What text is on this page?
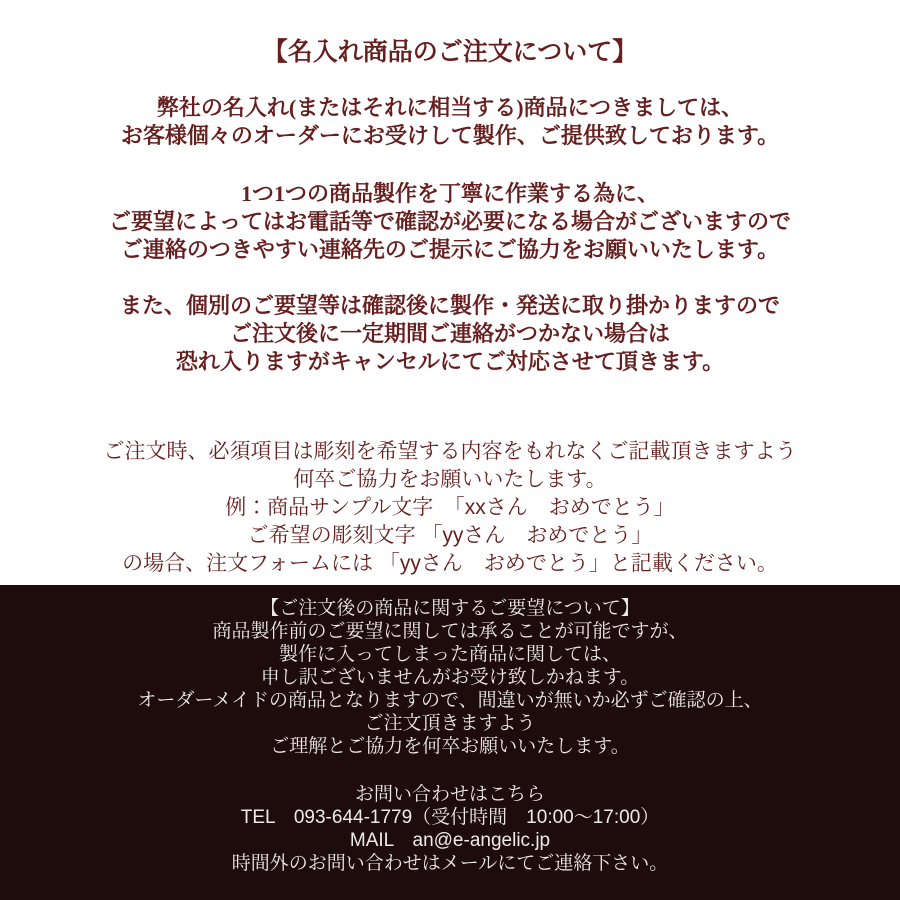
【名入れ商品のご注文について】

弊社の名入れ(またはそれに相当する)商品につきましては、
お客様個々のオーダーにお受けして製作、ご提供致しております。

1つ1つの商品製作を丁寧に作業する為に、
ご要望によってはお電話等で確認が必要になる場合がございますので
ご連絡のつきやすい連絡先のご提示にご協力をお願いいたします。

また、個別のご要望等は確認後に製作・発送に取り掛かりますので
ご注文後に一定期間ご連絡がつかない場合は
恐れ入りますがキャンセルにてご対応させて頂きます。

ご注文時、必須項目は彫刻を希望する内容をもれなくご記載頂きますよう
何卒ご協力をお願いいたします。
例：商品サンプル文字　「xxさん　おめでとう」
ご希望の彫刻文字 「yyさん　おめでとう」
の場合、注文フォームには 「yyさん　おめでとう」と記載ください。
【ご注文後の商品に関するご要望について】
商品製作前のご要望に関しては承ることが可能ですが、
製作に入ってしまった商品に関しては、
申し訳ございませんがお受け致しかねます。
オーダーメイドの商品となりますので、間違いが無いか必ずご確認の上、
ご注文頂きますよう
ご理解とご協力を何卒お願いいたします。
お問い合わせはこちら
TEL　093-644-1779（受付時間　10:00～17:00）
MAIL　an@e-angelic.jp
時間外のお問い合わせはメールにてご連絡下さい。
